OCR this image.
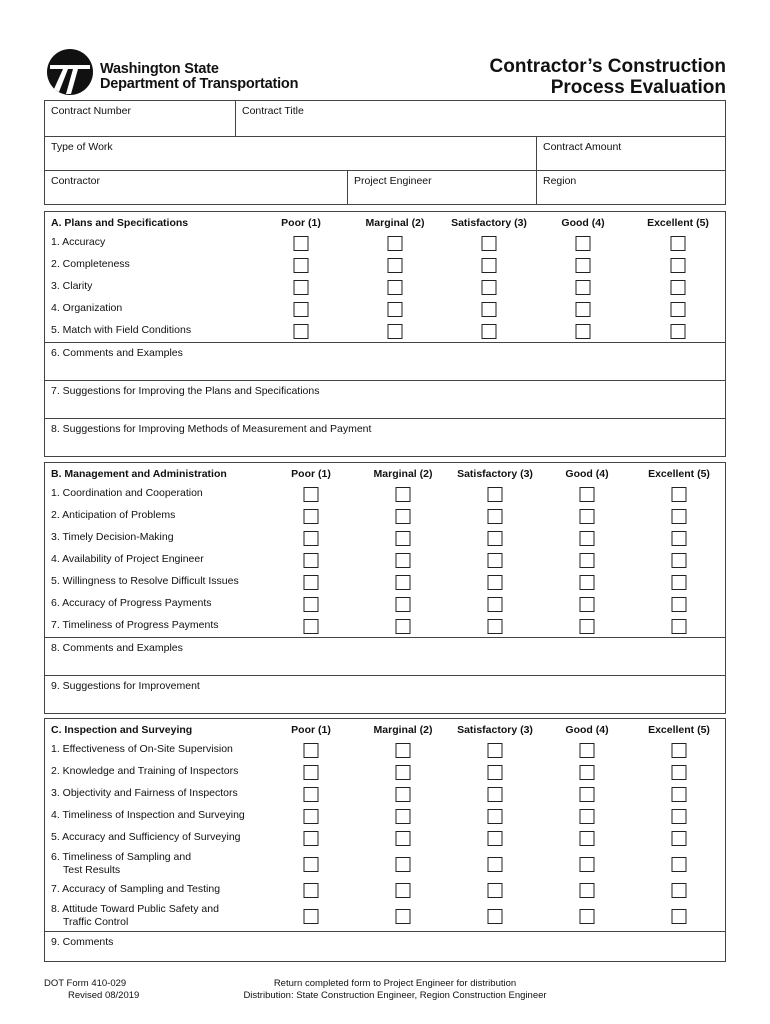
Washington State
Department of Transportation
Contractor’s Construction
Process Evaluation
Contract Number	Contract Title
Type of Work	Contract Amount
Contractor	Project Engineer	Region
A. Plans and Specifications	Poor (1)	Marginal (2)	Satisfactory (3)	Good (4)	Excellent (5)
1. Accuracy
2. Completeness
3. Clarity
4. Organization
5. Match with Field Conditions
6. Comments and Examples
7. Suggestions for Improving the Plans and Specifications
8. Suggestions for Improving Methods of Measurement and Payment
B. Management and Administration	Poor (1)	Marginal (2) Satisfactory (3)	Good (4)	Excellent (5)
1. Coordination and Cooperation
2. Anticipation of Problems
3. Timely Decision-Making
4. Availability of Project Engineer
5. Willingness to Resolve Difficult Issues
6. Accuracy of Progress Payments
7. Timeliness of Progress Payments
8. Comments and Examples
9. Suggestions for Improvement
C. Inspection and Surveying	Poor (1)	Marginal (2) Satisfactory (3)	Good (4)	Excellent (5)
1. Effectiveness of On-Site Supervision
2. Knowledge and Training of Inspectors
3. Objectivity and Fairness of Inspectors
4. Timeliness of Inspection and Surveying
5. Accuracy and Sufficiency of Surveying
6. Timeliness of Sampling and
Test Results
7. Accuracy of Sampling and Testing
8. Attitude Toward Public Safety and
Traffic Control
9. Comments
DOT Form 410-029
Revised 08/2019
Return completed form to Project Engineer for distribution
Distribution: State Construction Engineer, Region Construction Engineer
